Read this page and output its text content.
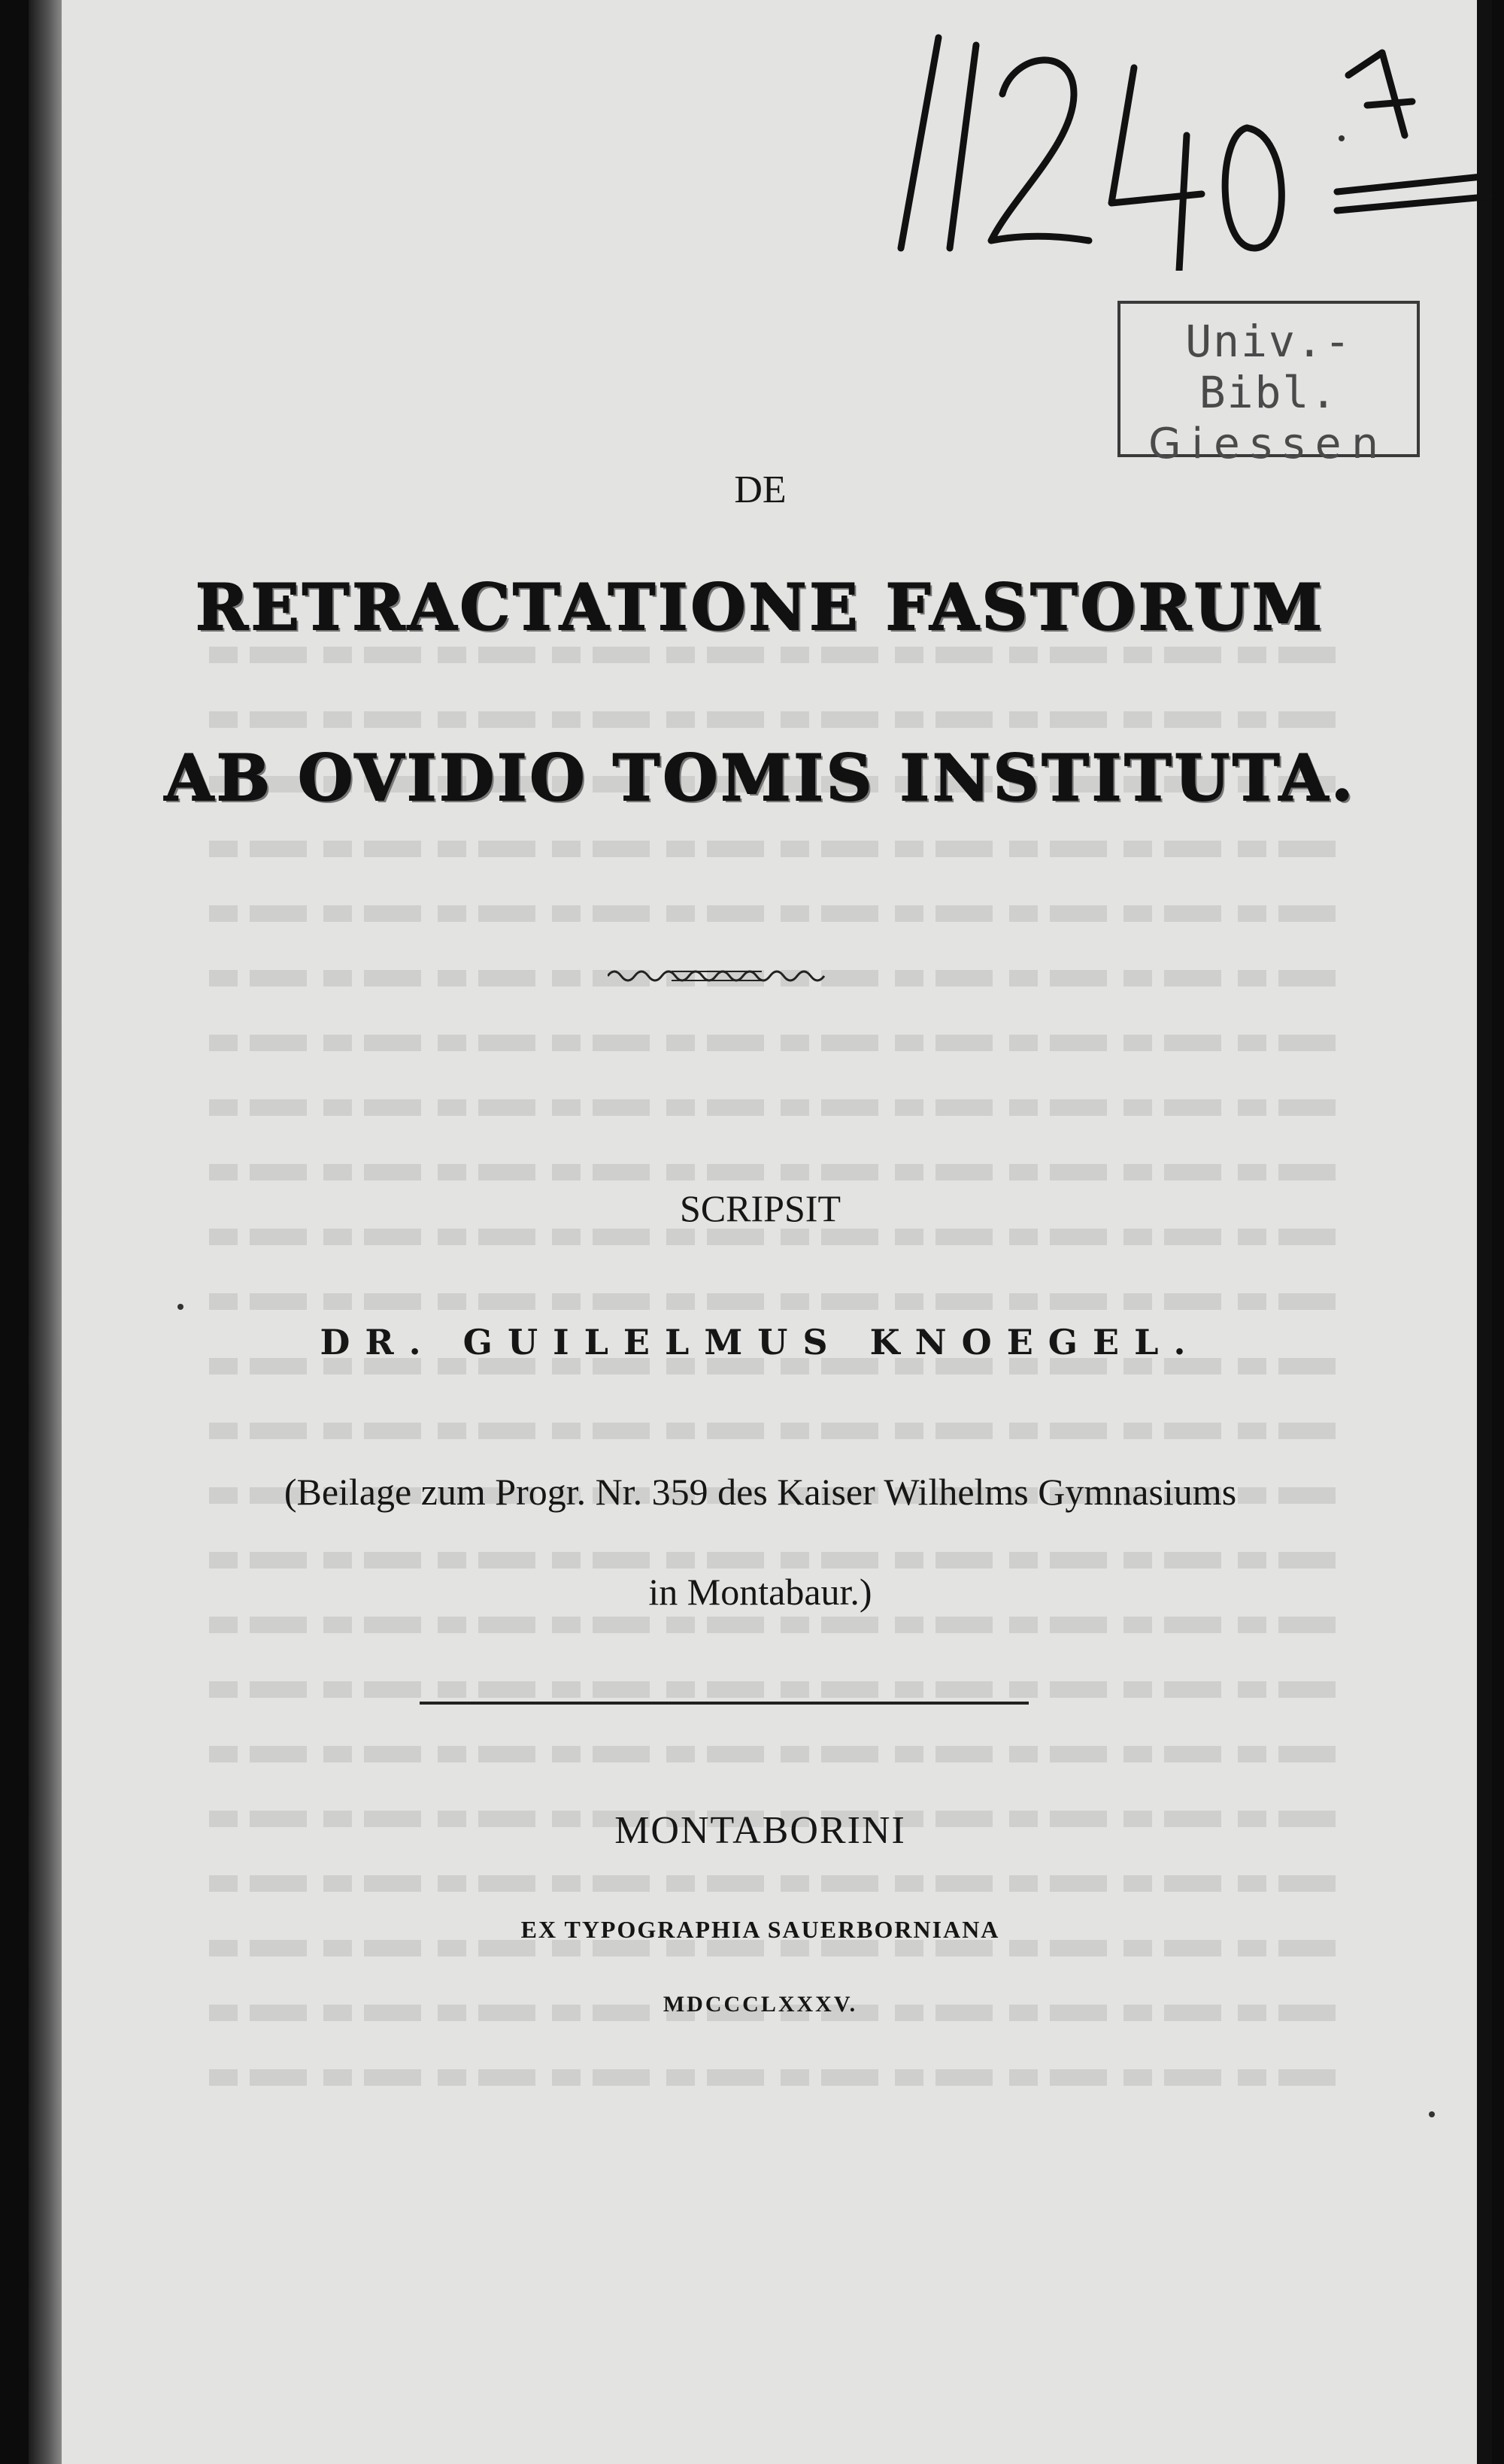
Univ.-Bibl.
Giessen
DE
RETRACTATIONE FASTORUM
AB OVIDIO TOMIS INSTITUTA.
SCRIPSIT
DR. GUILELMUS KNOEGEL.
(Beilage zum Progr. Nr. 359 des Kaiser Wilhelms Gymnasiums
in Montabaur.)
MONTABORINI
EX TYPOGRAPHIA SAUERBORNIANA
MDCCCLXXXV.
